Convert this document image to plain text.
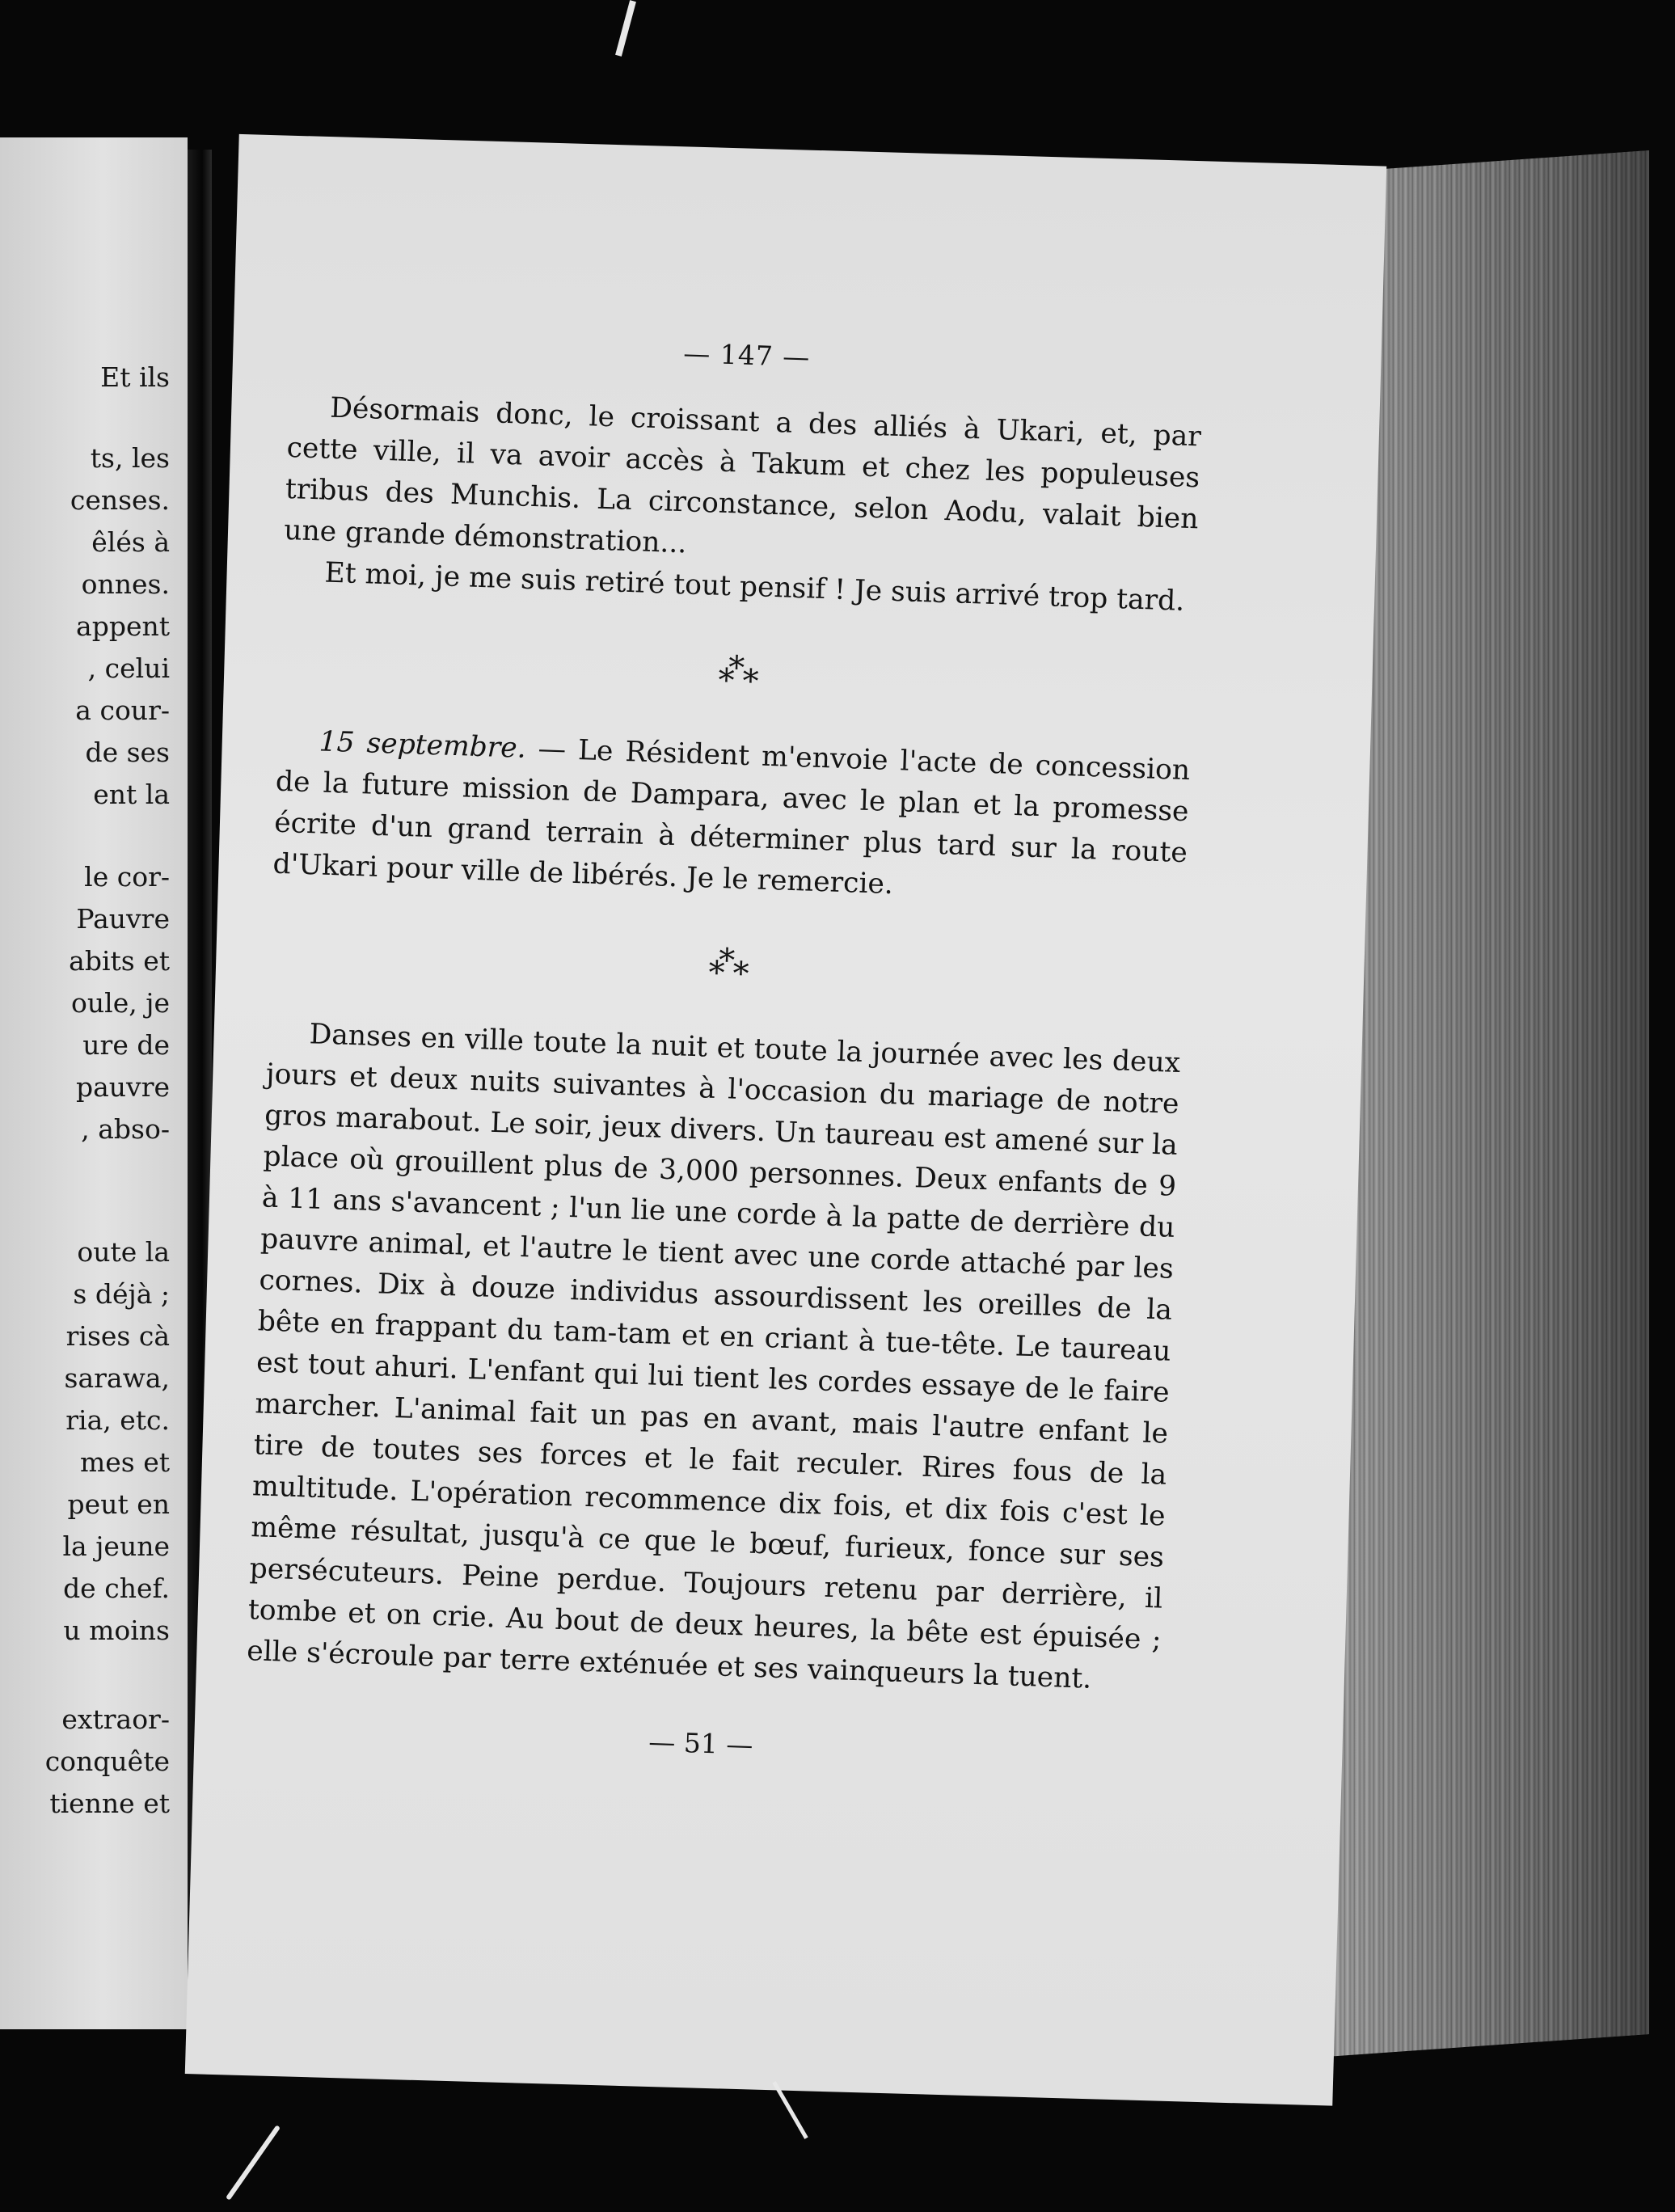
Et ils
ts, les
censes.
êlés à
onnes.
appent
, celui
a cour-
de ses
ent la
le cor-
Pauvre
abits et
oule, je
ure de
pauvre
, abso-
oute la
s déjà ;
rises cà
sarawa,
ria, etc.
mes et
peut en
la jeune
de chef.
u moins
extraor-
conquête
tienne et
— 147 —

Désormais donc, le croissant a des alliés à Ukari, et, par cette ville, il va avoir accès à Takum et chez les populeuses tribus des Munchis. La circonstance, selon Aodu, valait bien une grande démonstration...

Et moi, je me suis retiré tout pensif ! Je suis arrivé trop tard.

*
* *

15 septembre. — Le Résident m'envoie l'acte de concession de la future mission de Dampara, avec le plan et la promesse écrite d'un grand terrain à déterminer plus tard sur la route d'Ukari pour ville de libérés. Je le remercie.

*
* *

Danses en ville toute la nuit et toute la journée avec les deux jours et deux nuits suivantes à l'occasion du mariage de notre gros marabout. Le soir, jeux divers. Un taureau est amené sur la place où grouillent plus de 3,000 personnes. Deux enfants de 9 à 11 ans s'avancent ; l'un lie une corde à la patte de derrière du pauvre animal, et l'autre le tient avec une corde attaché par les cornes. Dix à douze individus assourdissent les oreilles de la bête en frappant du tam-tam et en criant à tue-tête. Le taureau est tout ahuri. L'enfant qui lui tient les cordes essaye de le faire marcher. L'animal fait un pas en avant, mais l'autre enfant le tire de toutes ses forces et le fait reculer. Rires fous de la multitude. L'opération recommence dix fois, et dix fois c'est le même résultat, jusqu'à ce que le bœuf, furieux, fonce sur ses persécuteurs. Peine perdue. Toujours retenu par derrière, il tombe et on crie. Au bout de deux heures, la bête est épuisée ; elle s'écroule par terre exténuée et ses vainqueurs la tuent.

— 51 —
